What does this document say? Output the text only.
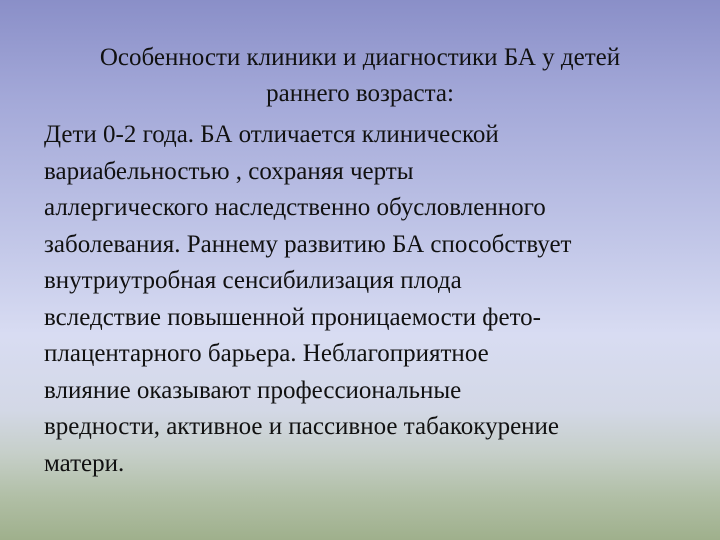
Особенности клиники и диагностики БА у детей
раннего возраста:

Дети 0-2 года. БА отличается клинической
вариабельностью , сохраняя черты
аллергического наследственно обусловленного
заболевания. Раннему развитию БА способствует
внутриутробная сенсибилизация плода
вследствие повышенной проницаемости фето-
плацентарного барьера. Неблагоприятное
влияние оказывают профессиональные
вредности, активное и пассивное табакокурение
матери.
